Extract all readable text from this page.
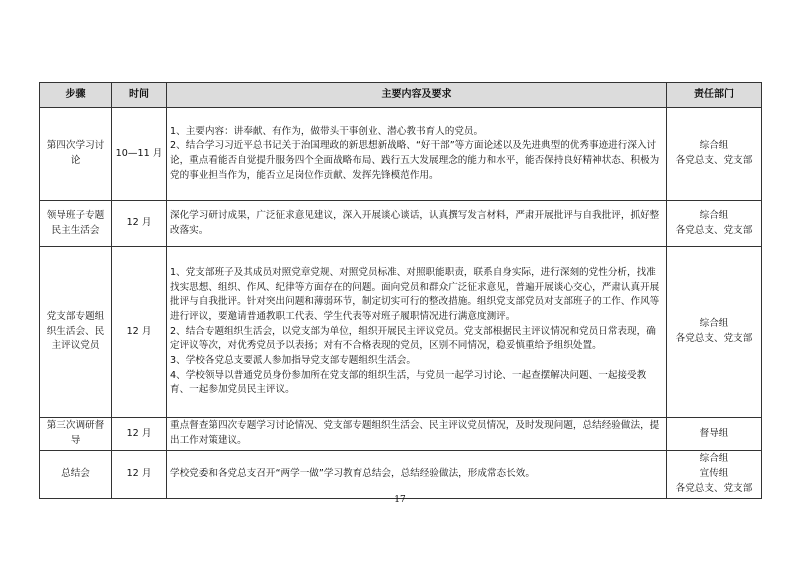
步骤	时间	主要内容及要求	责任部门
第四次学习讨论	10—11 月	1、主要内容：讲奉献、有作为，做带头干事创业、潜心教书育人的党员。
2、结合学习习近平总书记关于治国理政的新思想新战略、“好干部”等方面论述以及先进典型的优秀事迹进行深入讨论，重点看能否自觉提升服务四个全面战略布局、践行五大发展理念的能力和水平，能否保持良好精神状态、积极为党的事业担当作为，能否立足岗位作贡献、发挥先锋模范作用。	综合组
各党总支、党支部

领导班子专题民主生活会	12 月	深化学习研讨成果，广泛征求意见建议，深入开展谈心谈话，认真撰写发言材料，严肃开展批评与自我批评，抓好整改落实。	综合组
各党总支、党支部

党支部专题组织生活会、民主评议党员	12 月	1、党支部班子及其成员对照党章党规、对照党员标准、对照职能职责，联系自身实际，进行深刻的党性分析，找准找实思想、组织、作风、纪律等方面存在的问题。面向党员和群众广泛征求意见，普遍开展谈心交心，严肃认真开展批评与自我批评。针对突出问题和薄弱环节，制定切实可行的整改措施。组织党支部党员对支部班子的工作、作风等进行评议，要邀请普通教职工代表、学生代表等对班子履职情况进行满意度测评。
2、结合专题组织生活会，以党支部为单位，组织开展民主评议党员。党支部根据民主评议情况和党员日常表现，确定评议等次，对优秀党员予以表扬；对有不合格表现的党员，区别不同情况，稳妥慎重给予组织处置。
3、学校各党总支要派人参加指导党支部专题组织生活会。
4、学校领导以普通党员身份参加所在党支部的组织生活，与党员一起学习讨论、一起查摆解决问题、一起接受教育、一起参加党员民主评议。	综合组
各党总支、党支部

第三次调研督导	12 月	重点督查第四次专题学习讨论情况、党支部专题组织生活会、民主评议党员情况，及时发现问题，总结经验做法，提出工作对策建议。	督导组

总结会	12 月	学校党委和各党总支召开“两学一做”学习教育总结会，总结经验做法，形成常态长效。	综合组
宣传组
各党总支、党支部
17
